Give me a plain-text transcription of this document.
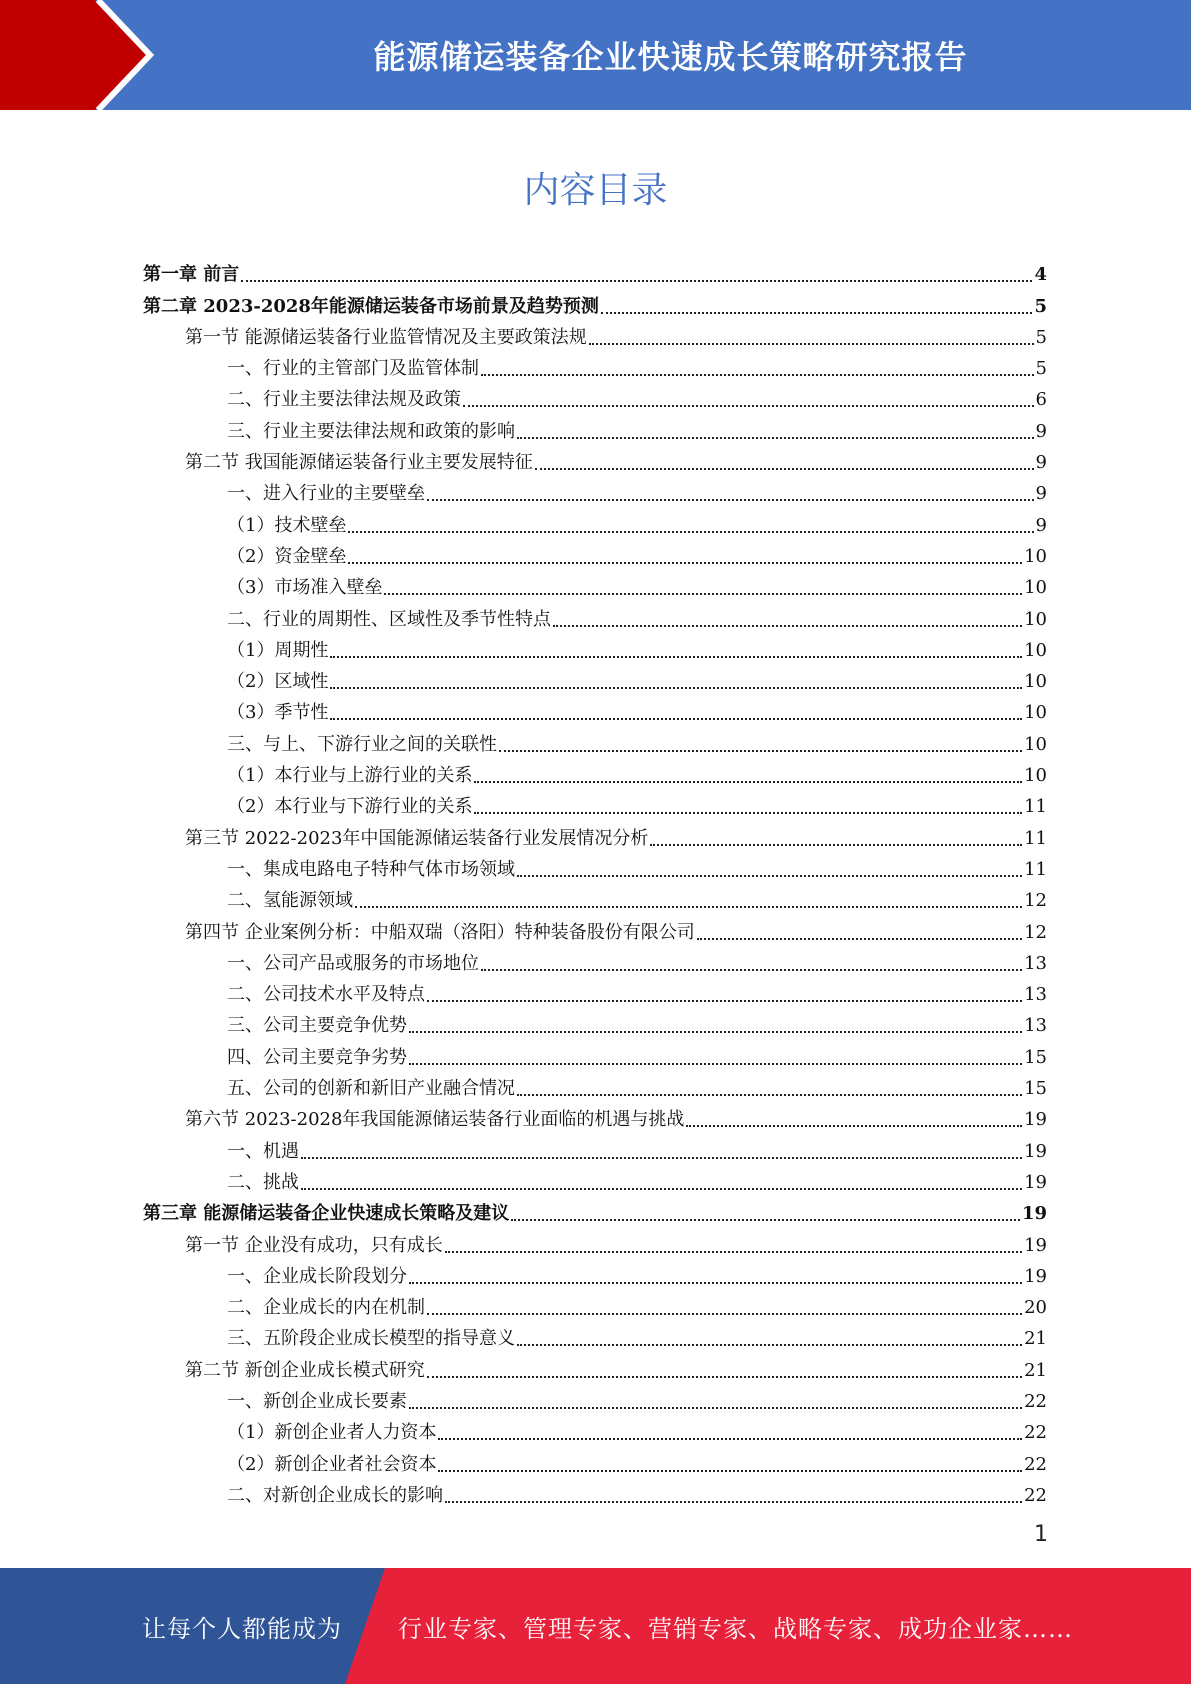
能源储运装备企业快速成长策略研究报告
内容目录
第一章 前言	4
第二章 2023-2028年能源储运装备市场前景及趋势预测	5
第一节 能源储运装备行业监管情况及主要政策法规	5
一、行业的主管部门及监管体制	5
二、行业主要法律法规及政策	6
三、行业主要法律法规和政策的影响	9
第二节 我国能源储运装备行业主要发展特征	9
一、进入行业的主要壁垒	9
（1）技术壁垒	9
（2）资金壁垒	10
（3）市场准入壁垒	10
二、行业的周期性、区域性及季节性特点	10
（1）周期性	10
（2）区域性	10
（3）季节性	10
三、与上、下游行业之间的关联性	10
（1）本行业与上游行业的关系	10
（2）本行业与下游行业的关系	11
第三节 2022-2023年中国能源储运装备行业发展情况分析	11
一、集成电路电子特种气体市场领域	11
二、氢能源领域	12
第四节 企业案例分析：中船双瑞（洛阳）特种装备股份有限公司	12
一、公司产品或服务的市场地位	13
二、公司技术水平及特点	13
三、公司主要竞争优势	13
四、公司主要竞争劣势	15
五、公司的创新和新旧产业融合情况	15
第六节 2023-2028年我国能源储运装备行业面临的机遇与挑战	19
一、机遇	19
二、挑战	19
第三章 能源储运装备企业快速成长策略及建议	19
第一节 企业没有成功，只有成长	19
一、企业成长阶段划分	19
二、企业成长的内在机制	20
三、五阶段企业成长模型的指导意义	21
第二节 新创企业成长模式研究	21
一、新创企业成长要素	22
（1）新创企业者人力资本	22
（2）新创企业者社会资本	22
二、对新创企业成长的影响	22
1
让每个人都能成为 行业专家、管理专家、营销专家、战略专家、成功企业家……
